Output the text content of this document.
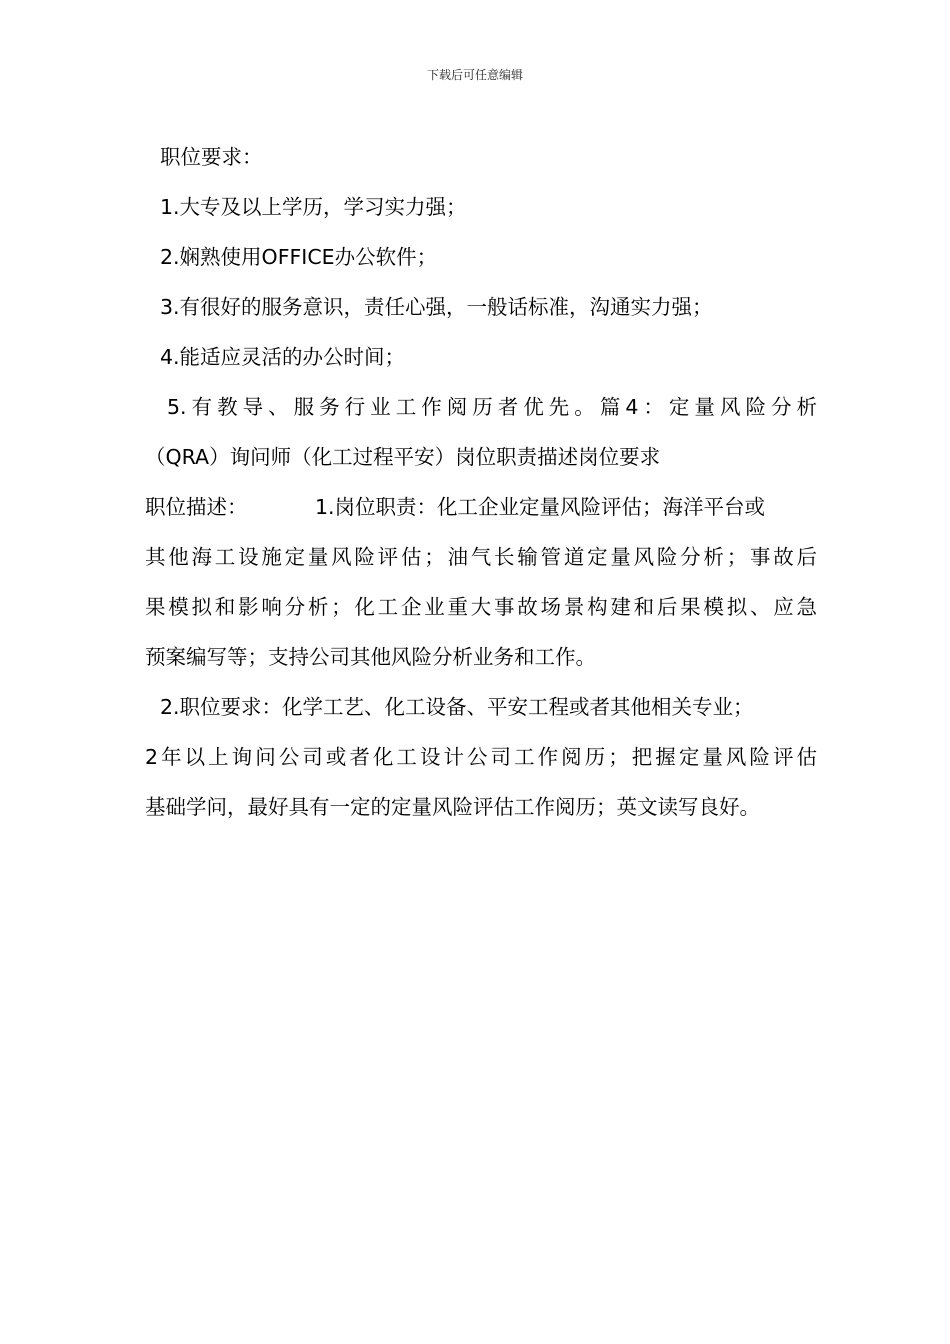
下载后可任意编辑
职位要求：
1.大专及以上学历，学习实力强；
2.娴熟使用OFFICE办公软件；
3.有很好的服务意识，责任心强，一般话标准，沟通实力强；
4.能适应灵活的办公时间；
5.有教导、服务行业工作阅历者优先。篇4：定量风险分析
（QRA）询问师（化工过程平安）岗位职责描述岗位要求
职位描述：	1.岗位职责：化工企业定量风险评估；海洋平台或
其他海工设施定量风险评估；油气长输管道定量风险分析；事故后
果模拟和影响分析；化工企业重大事故场景构建和后果模拟、应急
预案编写等；支持公司其他风险分析业务和工作。
2.职位要求：化学工艺、化工设备、平安工程或者其他相关专业；
2年以上询问公司或者化工设计公司工作阅历；把握定量风险评估
基础学问，最好具有一定的定量风险评估工作阅历；英文读写良好。
